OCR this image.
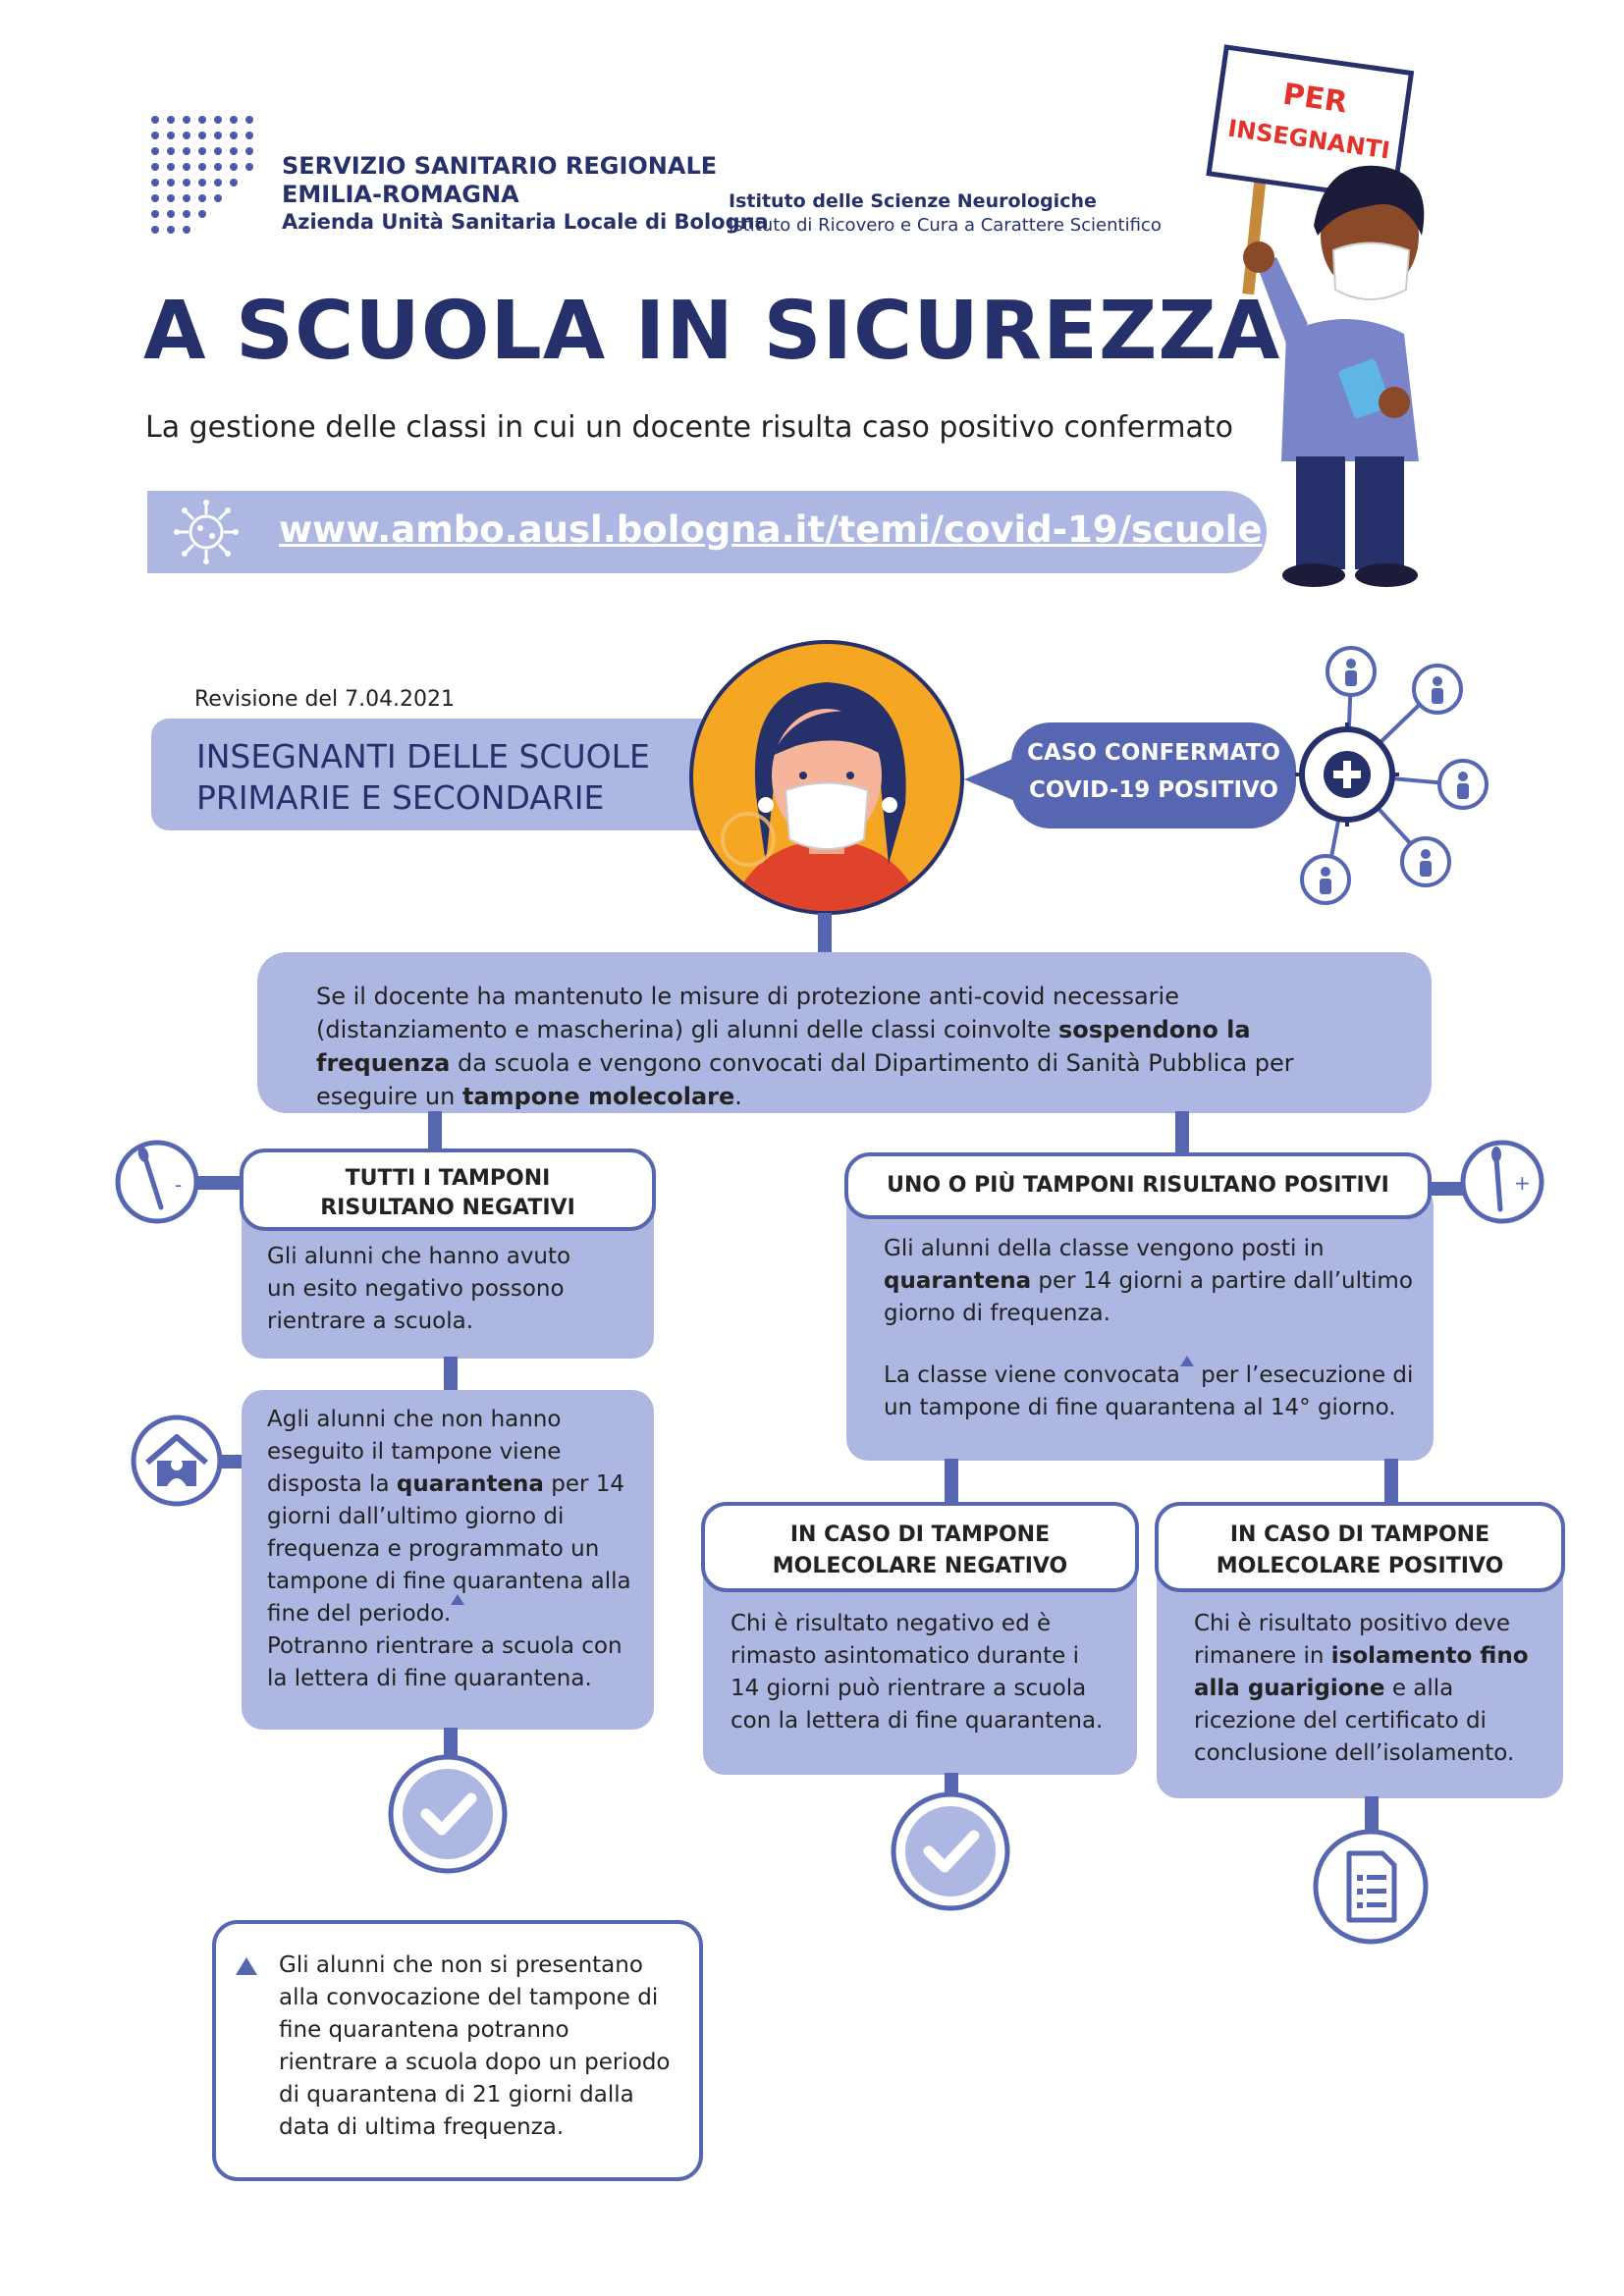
SERVIZIO SANITARIO REGIONALE
EMILIA-ROMAGNA
Azienda Unità Sanitaria Locale di Bologna
Istituto delle Scienze Neurologiche
Istituto di Ricovero e Cura a Carattere Scientifico
PER
INSEGNANTI
A SCUOLA IN SICUREZZA
La gestione delle classi in cui un docente risulta caso positivo confermato
www.ambo.ausl.bologna.it/temi/covid-19/scuole
Revisione del 7.04.2021
INSEGNANTI DELLE SCUOLE
PRIMARIE E SECONDARIE
CASO CONFERMATO
COVID-19 POSITIVO
Se il docente ha mantenuto le misure di protezione anti-covid necessarie (distanziamento e mascherina) gli alunni delle classi coinvolte sospendono la frequenza da scuola e vengono convocati dal Dipartimento di Sanità Pubblica per eseguire un tampone molecolare.
-	TUTTI I TAMPONI
RISULTANO NEGATIVI
Gli alunni che hanno avuto un esito negativo possono rientrare a scuola.
Agli alunni che non hanno eseguito il tampone viene disposta la quarantena per 14 giorni dall’ultimo giorno di frequenza e programmato un tampone di fine quarantena alla fine del periodo.
Potranno rientrare a scuola con la lettera di fine quarantena.
Gli alunni che non si presentano alla convocazione del tampone di fine quarantena potranno rientrare a scuola dopo un periodo di quarantena di 21 giorni dalla data di ultima frequenza.
UNO O PIÙ TAMPONI RISULTANO POSITIVI
Gli alunni della classe vengono posti in quarantena per 14 giorni a partire dall’ultimo giorno di frequenza.
La classe viene convocata per l’esecuzione di un tampone di fine quarantena al 14° giorno.
+
IN CASO DI TAMPONE
MOLECOLARE NEGATIVO
Chi è risultato negativo ed è rimasto asintomatico durante i 14 giorni può rientrare a scuola con la lettera di fine quarantena.
IN CASO DI TAMPONE
MOLECOLARE POSITIVO
Chi è risultato positivo deve rimanere in isolamento fino alla guarigione e alla ricezione del certificato di conclusione dell’isolamento.
